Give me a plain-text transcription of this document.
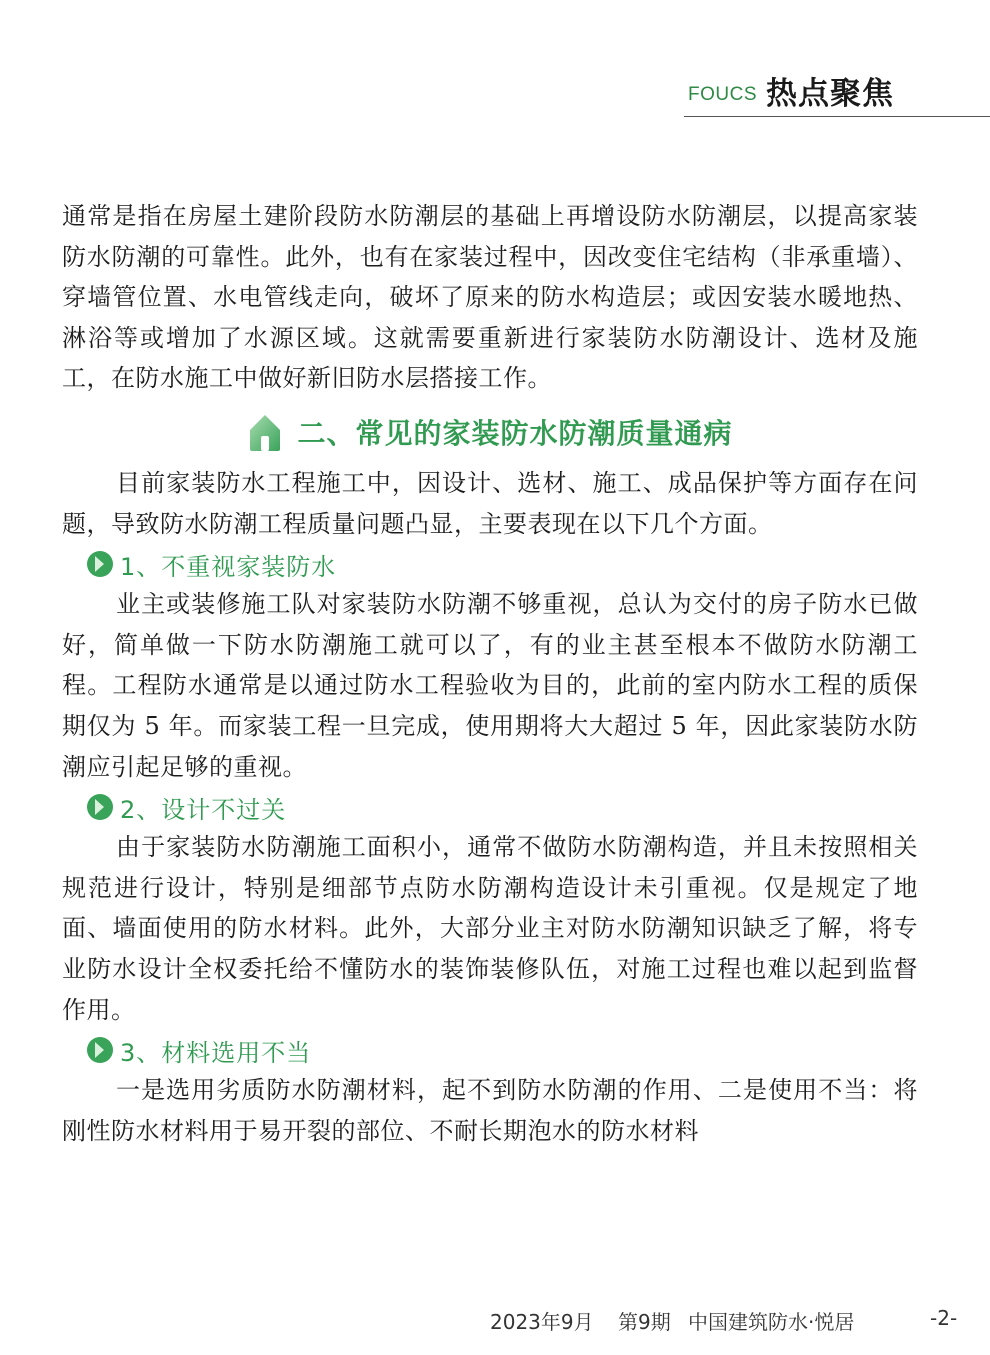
FOUCS 热点聚焦

通常是指在房屋土建阶段防水防潮层的基础上再增设防水防潮层，以提高家装防水防潮的可靠性。此外，也有在家装过程中，因改变住宅结构（非承重墙）、穿墙管位置、水电管线走向，破坏了原来的防水构造层；或因安装水暖地热、淋浴等或增加了水源区域。这就需要重新进行家装防水防潮设计、选材及施工，在防水施工中做好新旧防水层搭接工作。

二、常见的家装防水防潮质量通病

目前家装防水工程施工中，因设计、选材、施工、成品保护等方面存在问题，导致防水防潮工程质量问题凸显，主要表现在以下几个方面。

1、不重视家装防水

业主或装修施工队对家装防水防潮不够重视，总认为交付的房子防水已做好，简单做一下防水防潮施工就可以了，有的业主甚至根本不做防水防潮工程。工程防水通常是以通过防水工程验收为目的，此前的室内防水工程的质保期仅为 5 年。而家装工程一旦完成，使用期将大大超过 5 年，因此家装防水防潮应引起足够的重视。

2、设计不过关

由于家装防水防潮施工面积小，通常不做防水防潮构造，并且未按照相关规范进行设计，特别是细部节点防水防潮构造设计未引重视。仅是规定了地面、墙面使用的防水材料。此外，大部分业主对防水防潮知识缺乏了解，将专业防水设计全权委托给不懂防水的装饰装修队伍，对施工过程也难以起到监督作用。

3、材料选用不当

一是选用劣质防水防潮材料，起不到防水防潮的作用、二是使用不当：将刚性防水材料用于易开裂的部位、不耐长期泡水的防水材料

2023年9月 第9期 中国建筑防水·悦居	-2-
